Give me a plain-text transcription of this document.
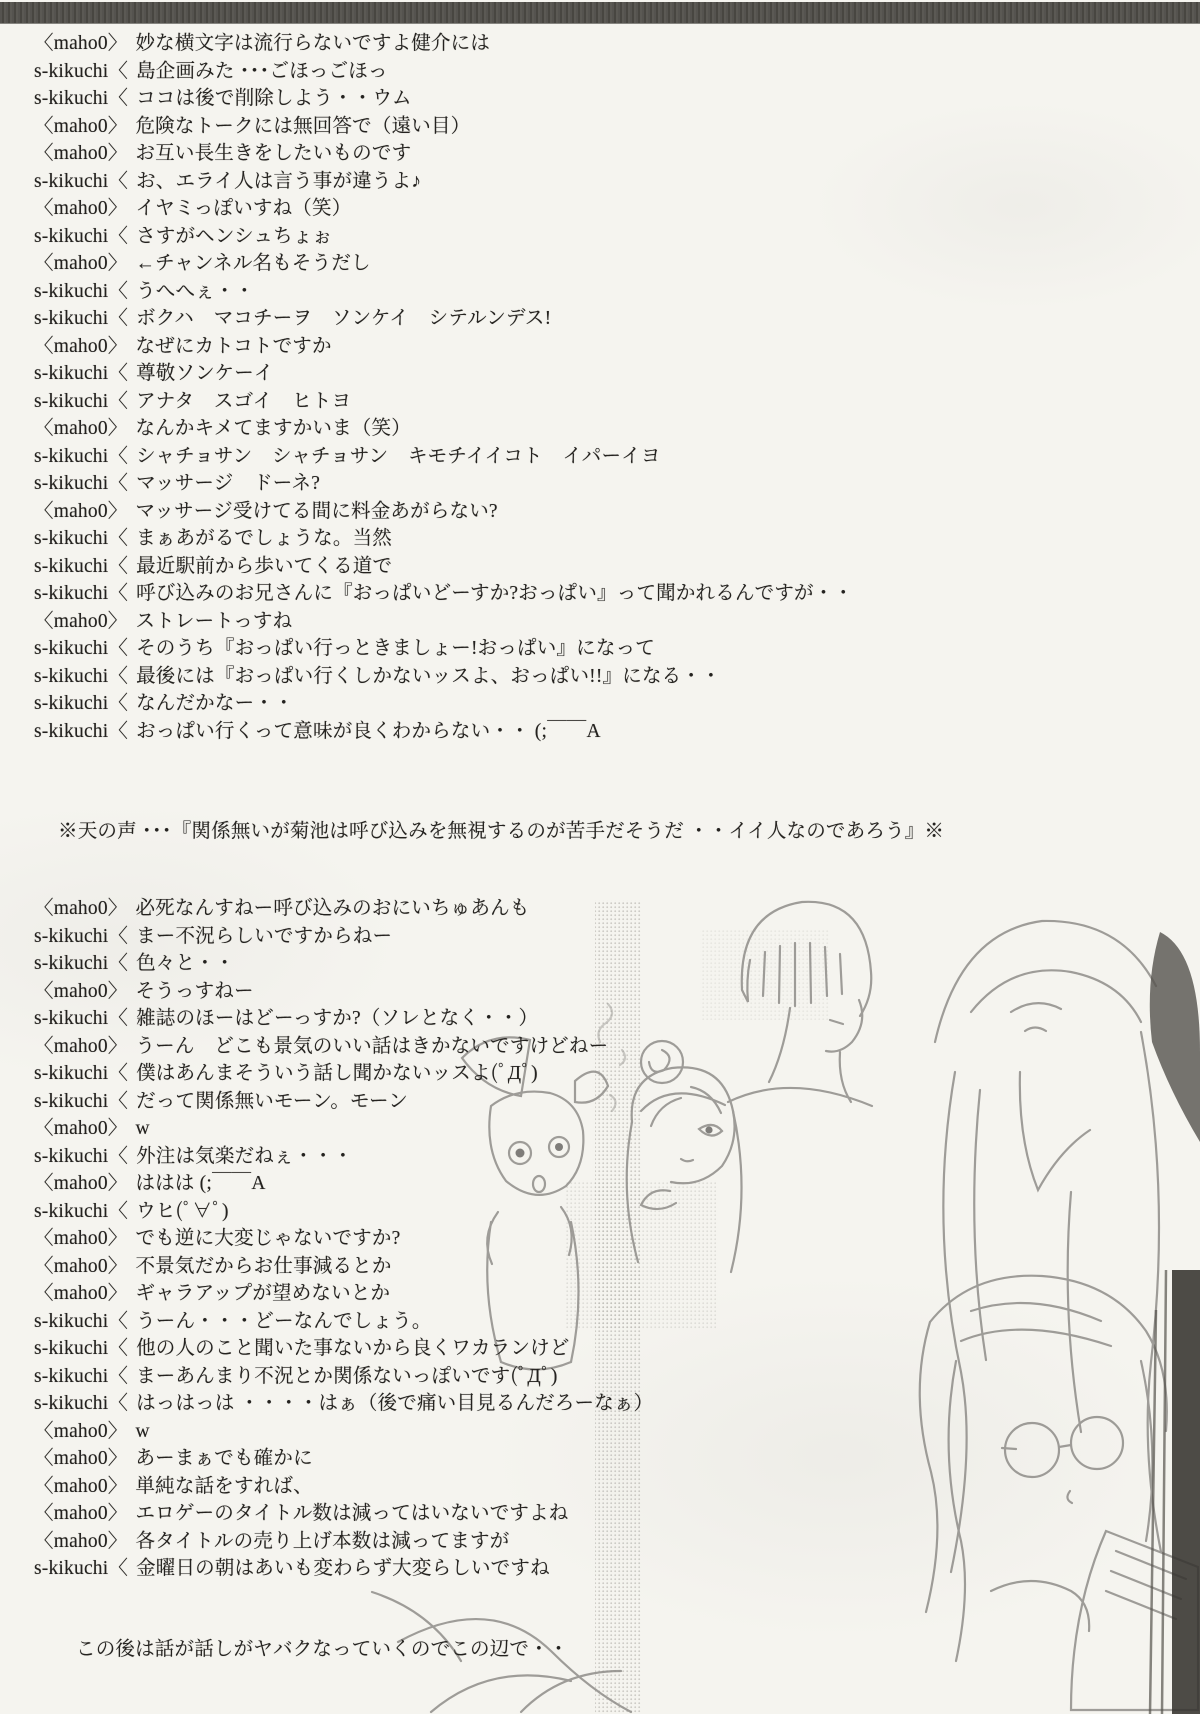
〈maho0〉 妙な横文字は流行らないですよ健介には
s-kikuchi〈 島企画みた ･･･ごほっごほっ
s-kikuchi〈 ココは後で削除しよう・・ウム
〈maho0〉 危険なトークには無回答で（遠い目）
〈maho0〉 お互い長生きをしたいものです
s-kikuchi〈 お、エライ人は言う事が違うよ♪
〈maho0〉 イヤミっぽいすね（笑）
s-kikuchi〈 さすがヘンシュちょぉ
〈maho0〉 ←チャンネル名もそうだし
s-kikuchi〈 うへへぇ・・
s-kikuchi〈 ボクハ　マコチーヲ　ソンケイ　シテルンデス!
〈maho0〉 なぜにカトコトですか
s-kikuchi〈 尊敬ソンケーイ
s-kikuchi〈 アナタ　スゴイ　ヒトヨ
〈maho0〉 なんかキメてますかいま（笑）
s-kikuchi〈 シャチョサン　シャチョサン　キモチイイコト　イパーイヨ
s-kikuchi〈 マッサージ　ドーネ?
〈maho0〉 マッサージ受けてる間に料金あがらない?
s-kikuchi〈 まぁあがるでしょうな。当然
s-kikuchi〈 最近駅前から歩いてくる道で
s-kikuchi〈 呼び込みのお兄さんに『おっぱいどーすか?おっぱい』って聞かれるんですが・・
〈maho0〉 ストレートっすね
s-kikuchi〈 そのうち『おっぱい行っときましょー!おっぱい』になって
s-kikuchi〈 最後には『おっぱい行くしかないッスよ、おっぱい!!』になる・・
s-kikuchi〈 なんだかなー・・
s-kikuchi〈 おっぱい行くって意味が良くわからない・・ (;￣￣A
※天の声 ･･･『関係無いが菊池は呼び込みを無視するのが苦手だそうだ ・・イイ人なのであろう』※
〈maho0〉 必死なんすねー呼び込みのおにいちゅあんも
s-kikuchi〈 まー不況らしいですからねー
s-kikuchi〈 色々と・・
〈maho0〉 そうっすねー
s-kikuchi〈 雑誌のほーはどーっすか?（ソレとなく・・）
〈maho0〉 うーん　どこも景気のいい話はきかないですけどねー
s-kikuchi〈 僕はあんまそういう話し聞かないッスよ(ﾟДﾟ)
s-kikuchi〈 だって関係無いモーン。モーン
〈maho0〉 w
s-kikuchi〈 外注は気楽だねぇ・・・
〈maho0〉 ははは (;￣￣A
s-kikuchi〈 ウヒ(ﾟ∀ﾟ)
〈maho0〉 でも逆に大変じゃないですか?
〈maho0〉 不景気だからお仕事減るとか
〈maho0〉 ギャラアップが望めないとか
s-kikuchi〈 うーん・・・どーなんでしょう。
s-kikuchi〈 他の人のこと聞いた事ないから良くワカランけど
s-kikuchi〈 まーあんまり不況とか関係ないっぽいです(ﾟДﾟ)
s-kikuchi〈 はっはっは ・・・・はぁ（後で痛い目見るんだろーなぁ）
〈maho0〉 w
〈maho0〉 あーまぁでも確かに
〈maho0〉 単純な話をすれば、
〈maho0〉 エロゲーのタイトル数は減ってはいないですよね
〈maho0〉 各タイトルの売り上げ本数は減ってますが
s-kikuchi〈 金曜日の朝はあいも変わらず大変らしいですね
この後は話が話しがヤバクなっていくのでこの辺で・・
